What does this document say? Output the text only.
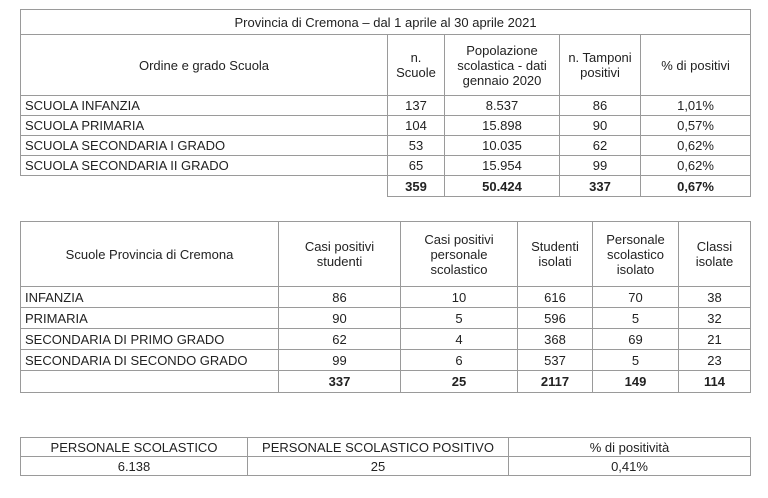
Provincia di Cremona – dal 1 aprile al 30 aprile 2021				
Ordine e grado Scuola	n. Scuole	Popolazione scolastica - dati gennaio 2020	n. Tamponi positivi	% di positivi
SCUOLA INFANZIA	137	8.537	86	1,01%
SCUOLA PRIMARIA	104	15.898	90	0,57%
SCUOLA SECONDARIA I GRADO	53	10.035	62	0,62%
SCUOLA SECONDARIA II GRADO	65	15.954	99	0,62%
	359	50.424	337	0,67%
Scuole Provincia di Cremona	Casi positivi studenti	Casi positivi personale scolastico	Studenti isolati	Personale scolastico isolato	Classi isolate
INFANZIA	86	10	616	70	38
PRIMARIA	90	5	596	5	32
SECONDARIA DI PRIMO GRADO	62	4	368	69	21
SECONDARIA DI SECONDO GRADO	99	6	537	5	23
	337	25	2117	149	114
PERSONALE SCOLASTICO	PERSONALE SCOLASTICO POSITIVO	% di positività
6.138	25	0,41%
